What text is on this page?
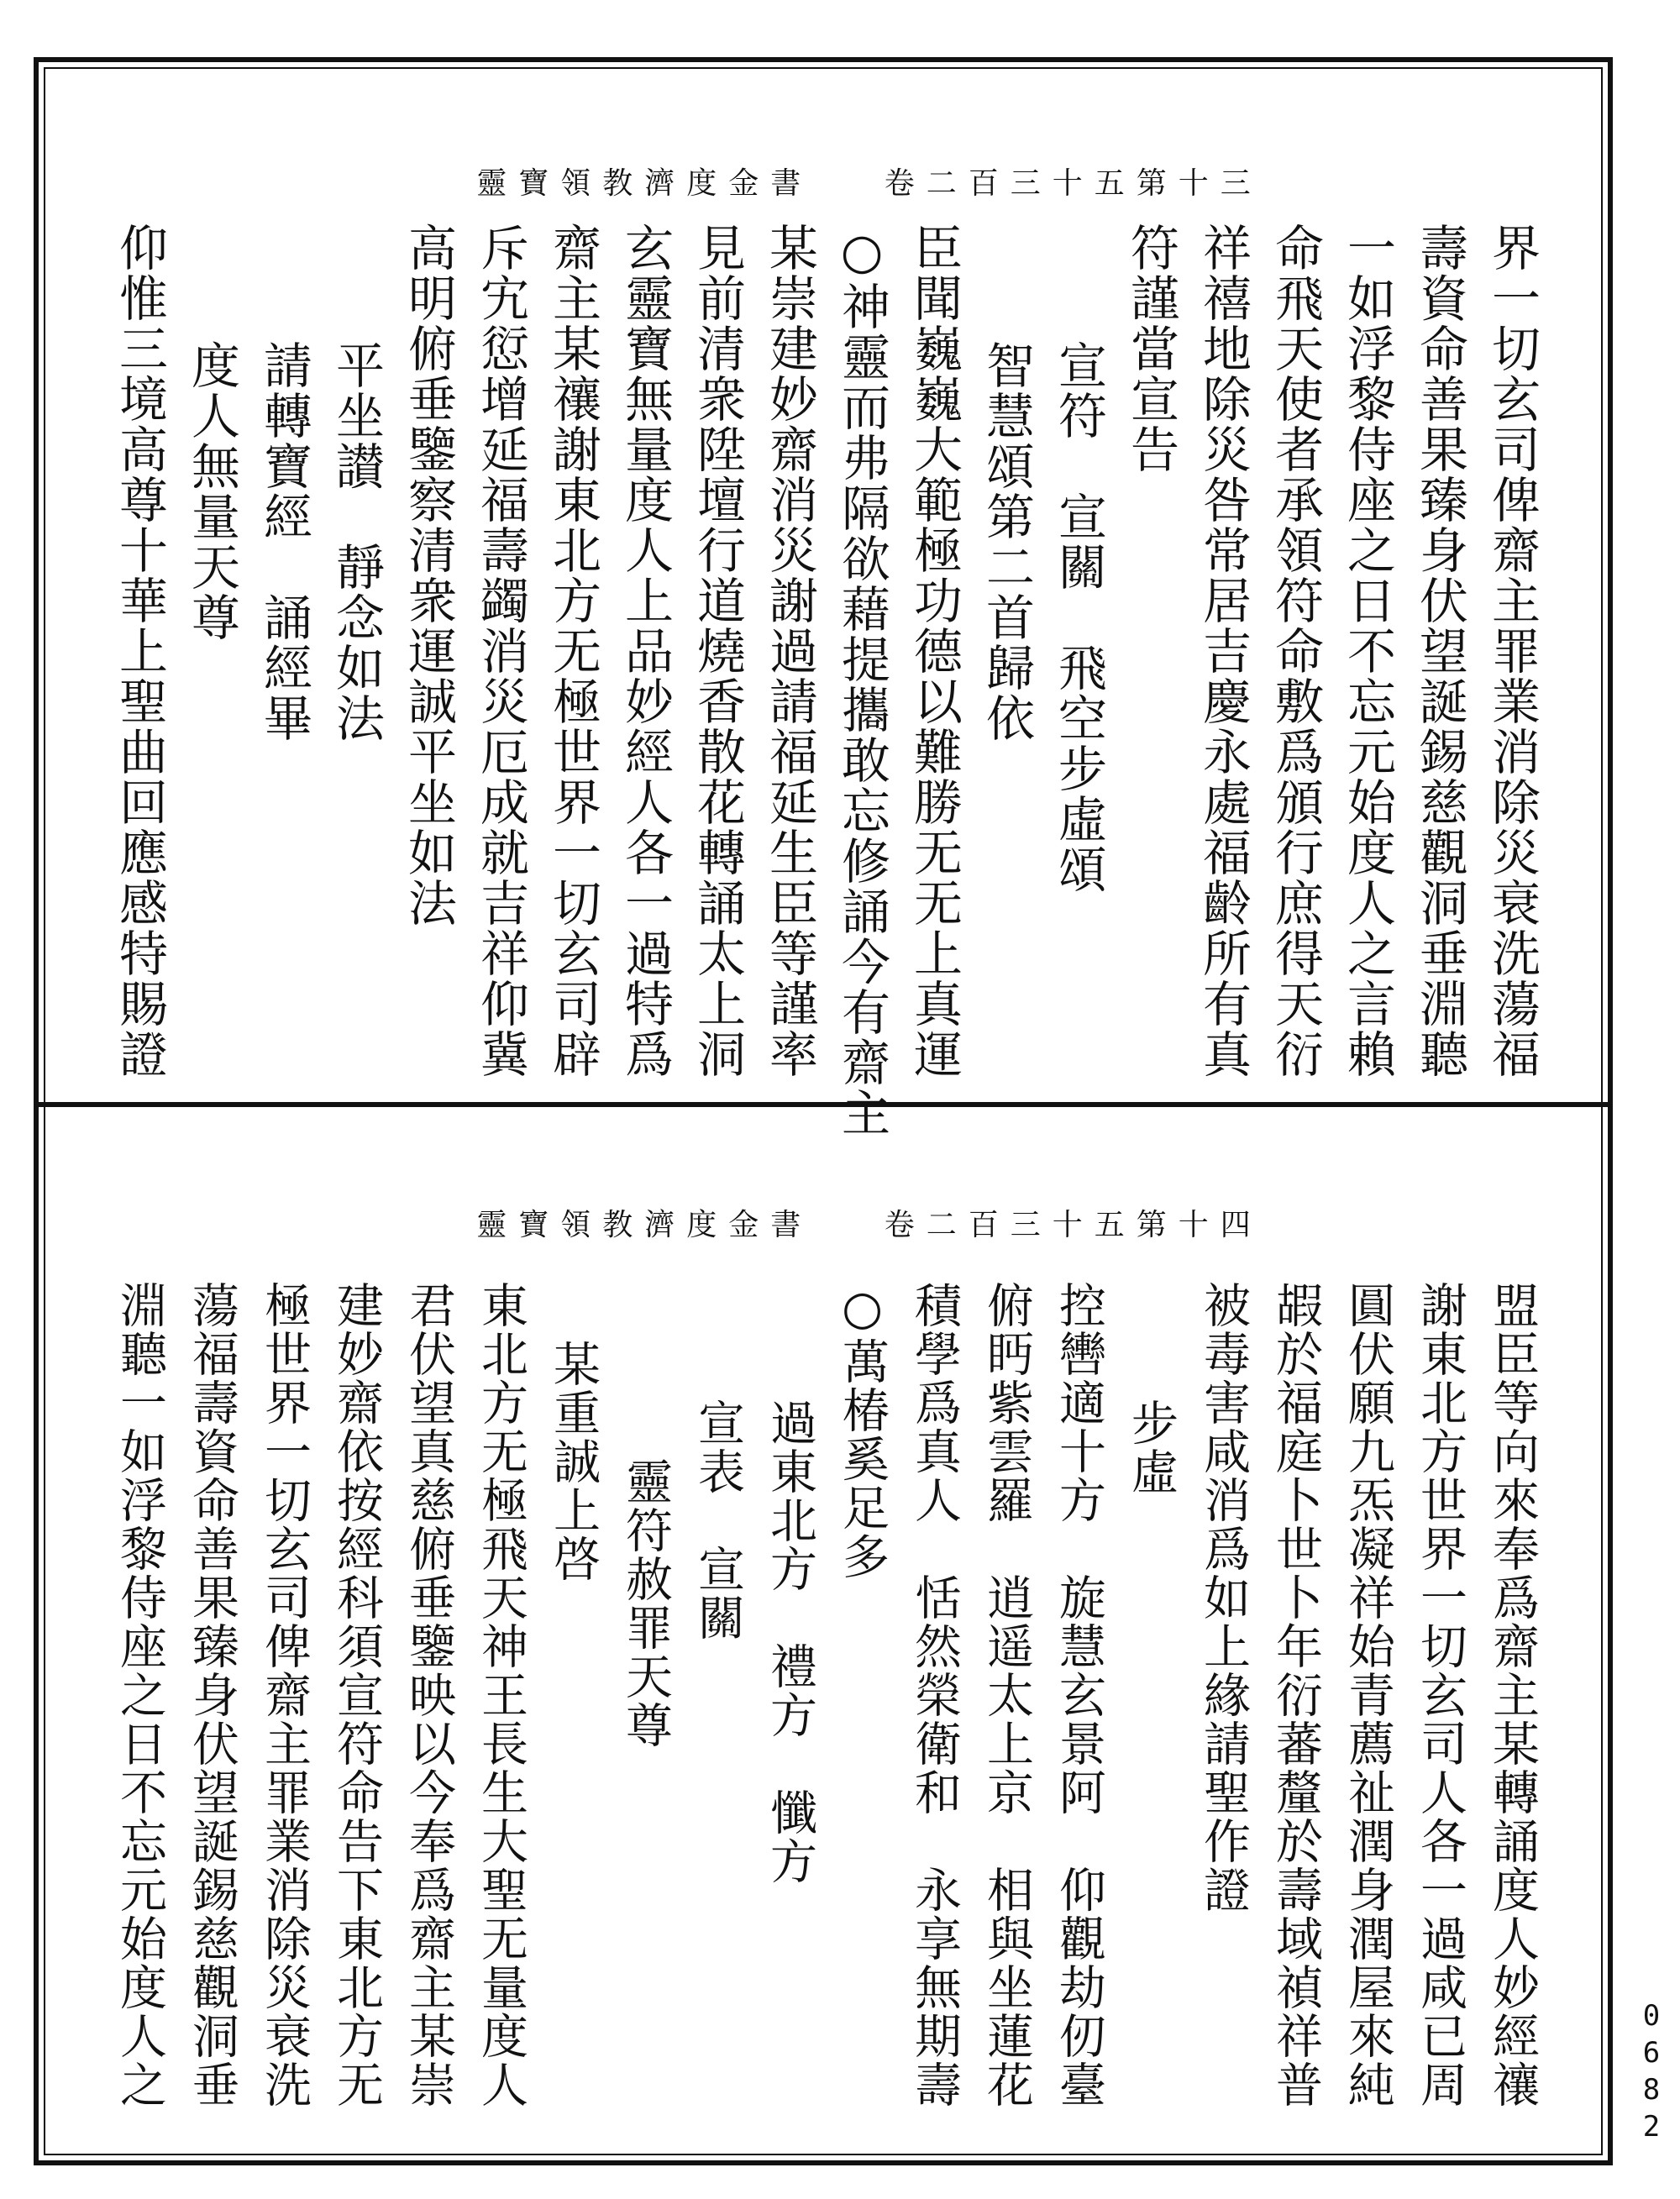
靈寶領教濟度金書 卷二百三十五第十三
界一切玄司俾齋主罪業消除災衰洗蕩福
壽資命善果臻身伏望誕錫慈觀洞垂淵聽
一如浮黎侍座之日不忘元始度人之言賴
命飛天使者承領符命敷爲頒行庶得天衍
祥禧地除災咎常居吉慶永處福齡所有真
符謹當宣告
宣符　宣關　飛空步虛頌
智慧頌第二首歸依
臣聞巍巍大範極功德以難勝无无上真運
○神靈而弗隔欲藉提攜敢忘修誦今有齋主
某崇建妙齋消災謝過請福延生臣等謹率
見前清衆陞壇行道燒香散花轉誦太上洞
玄靈寶無量度人上品妙經人各一過特爲
齋主某禳謝東北方无極世界一切玄司辟
斥宄愆增延福壽蠲消災厄成就吉祥仰冀
高明俯垂鑒察清衆運誠平坐如法
平坐讃　靜念如法
請轉寶經　誦經畢
度人無量天尊
仰惟三境高尊十華上聖曲回應感特賜證
靈寶領教濟度金書 卷二百三十五第十四
盟臣等向來奉爲齋主某轉誦度人妙經禳
謝東北方世界一切玄司人各一過咸已周
圓伏願九炁凝祥始青薦祉潤身潤屋來純
嘏於福庭卜世卜年衍蕃釐於壽域禎祥普
被毒害咸消爲如上緣請聖作證
步虛
控轡適十方　旋慧玄景阿　仰觀劫仞臺
俯眄紫雲羅　逍遥太上京　相與坐蓮花
積學爲真人　恬然榮衛和　永享無期壽
○萬椿奚足多
過東北方　禮方　懺方
宣表　宣關
靈符赦罪天尊
某重誠上啓
東北方无極飛天神王長生大聖无量度人
君伏望真慈俯垂鑒映以今奉爲齋主某崇
建妙齋依按經科須宣符命告下東北方无
極世界一切玄司俾齋主罪業消除災衰洗
蕩福壽資命善果臻身伏望誕錫慈觀洞垂
淵聽一如浮黎侍座之日不忘元始度人之	0682
